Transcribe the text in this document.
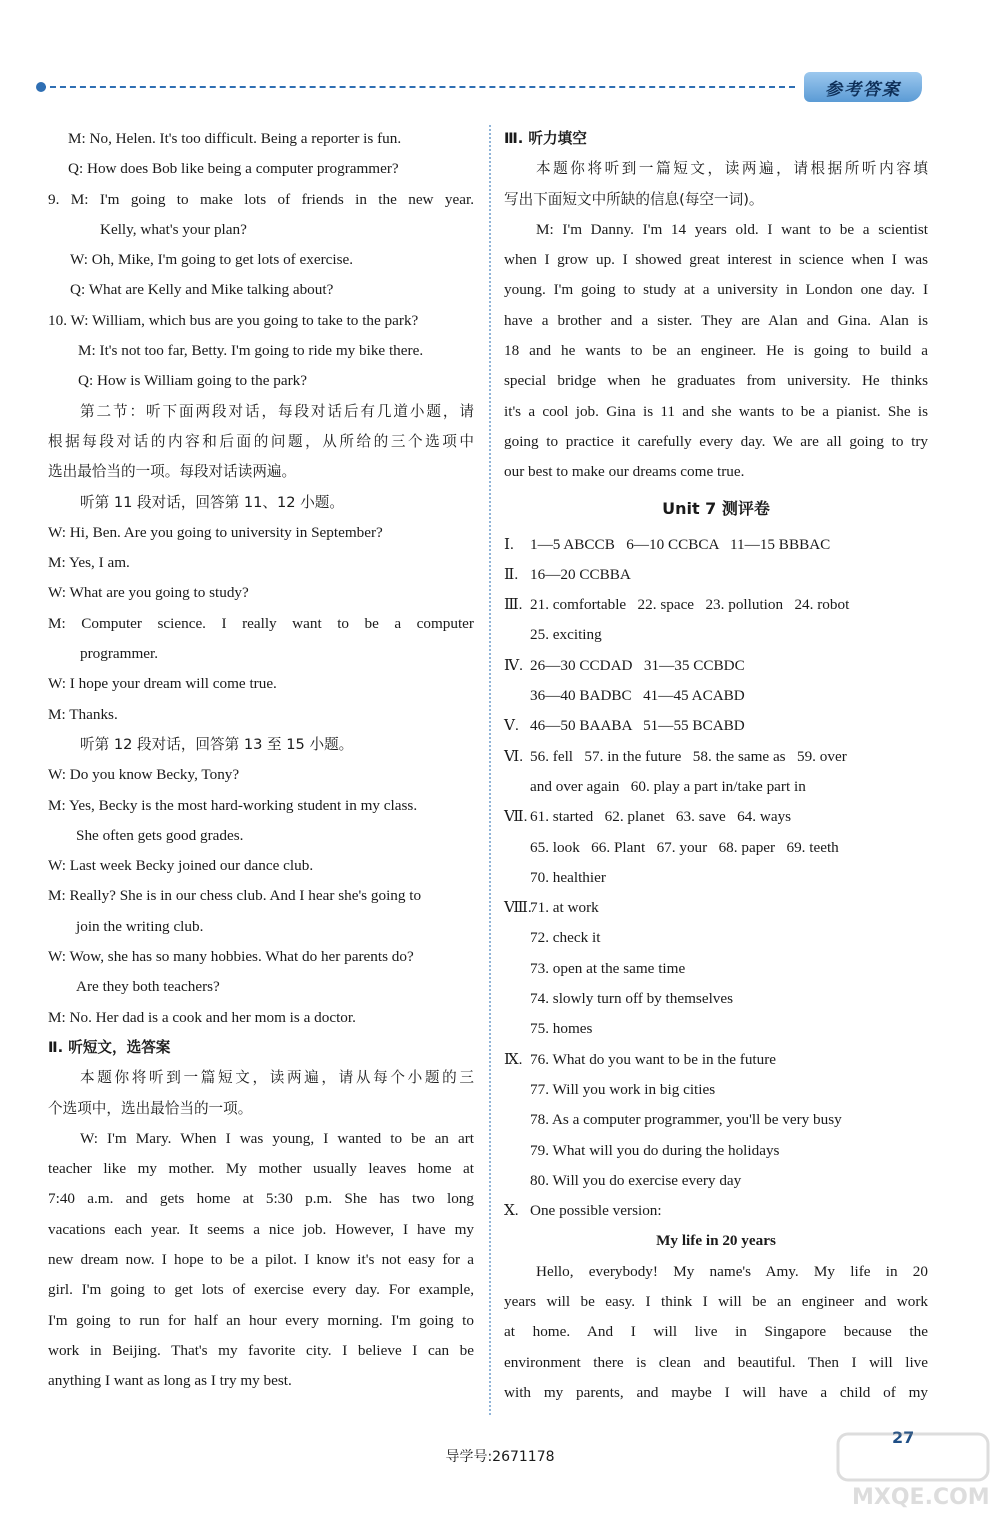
参考答案
M: No, Helen. It's too difficult. Being a reporter is fun.
Q: How does Bob like being a computer programmer?
9. M: I'm going to make lots of friends in the new year.
Kelly, what's your plan?
W: Oh, Mike, I'm going to get lots of exercise.
Q: What are Kelly and Mike talking about?
10. W: William, which bus are you going to take to the park?
M: It's not too far, Betty. I'm going to ride my bike there.
Q: How is William going to the park?
第二节：听下面两段对话，每段对话后有几道小题，请
根据每段对话的内容和后面的问题，从所给的三个选项中
选出最恰当的一项。每段对话读两遍。
听第 11 段对话，回答第 11、12 小题。
W: Hi, Ben. Are you going to university in September?
M: Yes, I am.
W: What are you going to study?
M: Computer science. I really want to be a computer
programmer.
W: I hope your dream will come true.
M: Thanks.
听第 12 段对话，回答第 13 至 15 小题。
W: Do you know Becky, Tony?
M: Yes, Becky is the most hard-working student in my class.
She often gets good grades.
W: Last week Becky joined our dance club.
M: Really? She is in our chess club. And I hear she's going to
join the writing club.
W: Wow, she has so many hobbies. What do her parents do?
Are they both teachers?
M: No. Her dad is a cook and her mom is a doctor.
Ⅱ. 听短文，选答案
本题你将听到一篇短文，读两遍，请从每个小题的三
个选项中，选出最恰当的一项。
W: I'm Mary. When I was young, I wanted to be an art
teacher like my mother. My mother usually leaves home at
7:40 a.m. and gets home at 5:30 p.m. She has two long
vacations each year. It seems a nice job. However, I have my
new dream now. I hope to be a pilot. I know it's not easy for a
girl. I'm going to get lots of exercise every day. For example,
I'm going to run for half an hour every morning. I'm going to
work in Beijing. That's my favorite city. I believe I can be
anything I want as long as I try my best.
Ⅲ. 听力填空
本题你将听到一篇短文，读两遍，请根据所听内容填
写出下面短文中所缺的信息(每空一词)。
M: I'm Danny. I'm 14 years old. I want to be a scientist
when I grow up. I showed great interest in science when I was
young. I'm going to study at a university in London one day. I
have a brother and a sister. They are Alan and Gina. Alan is
18 and he wants to be an engineer. He is going to build a
special bridge when he graduates from university. He thinks
it's a cool job. Gina is 11 and she wants to be a pianist. She is
going to practice it carefully every day. We are all going to try
our best to make our dreams come true.
Unit 7 测评卷
Ⅰ. 1—5 ABCCB   6—10 CCBCA   11—15 BBBAC
Ⅱ. 16—20 CCBBA
Ⅲ. 21. comfortable   22. space   23. pollution   24. robot
25. exciting
Ⅳ. 26—30 CCDAD   31—35 CCBDC
36—40 BADBC   41—45 ACABD
Ⅴ. 46—50 BAABA   51—55 BCABD
Ⅵ. 56. fell   57. in the future   58. the same as   59. over
and over again   60. play a part in/take part in
Ⅶ. 61. started   62. planet   63. save   64. ways
65. look   66. Plant   67. your   68. paper   69. teeth
70. healthier
Ⅷ.71. at work
72. check it
73. open at the same time
74. slowly turn off by themselves
75. homes
Ⅸ. 76. What do you want to be in the future
77. Will you work in big cities
78. As a computer programmer, you'll be very busy
79. What will you do during the holidays
80. Will you do exercise every day
Ⅹ. One possible version:
My life in 20 years
Hello, everybody! My name's Amy. My life in 20
years will be easy. I think I will be an engineer and work
at home. And I will live in Singapore because the
environment there is clean and beautiful. Then I will live
with my parents, and maybe I will have a child of my
导学号:2671178
27
MXQE.COM
